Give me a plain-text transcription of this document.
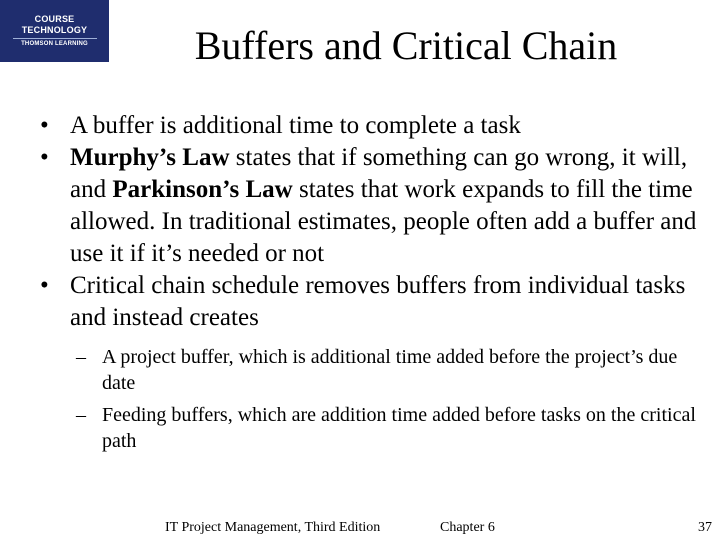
COURSE
TECHNOLOGY
THOMSON LEARNING	Buffers and Critical Chain
• A buffer is additional time to complete a task
• Murphy’s Law states that if something can go wrong, it will, and Parkinson’s Law states that work expands to fill the time allowed. In traditional estimates, people often add a buffer and use it if it’s needed or not
• Critical chain schedule removes buffers from individual tasks and instead creates
– A project buffer, which is additional time added before the project’s due date
– Feeding buffers, which are addition time added before tasks on the critical path
IT Project Management, Third Edition	Chapter 6	37
